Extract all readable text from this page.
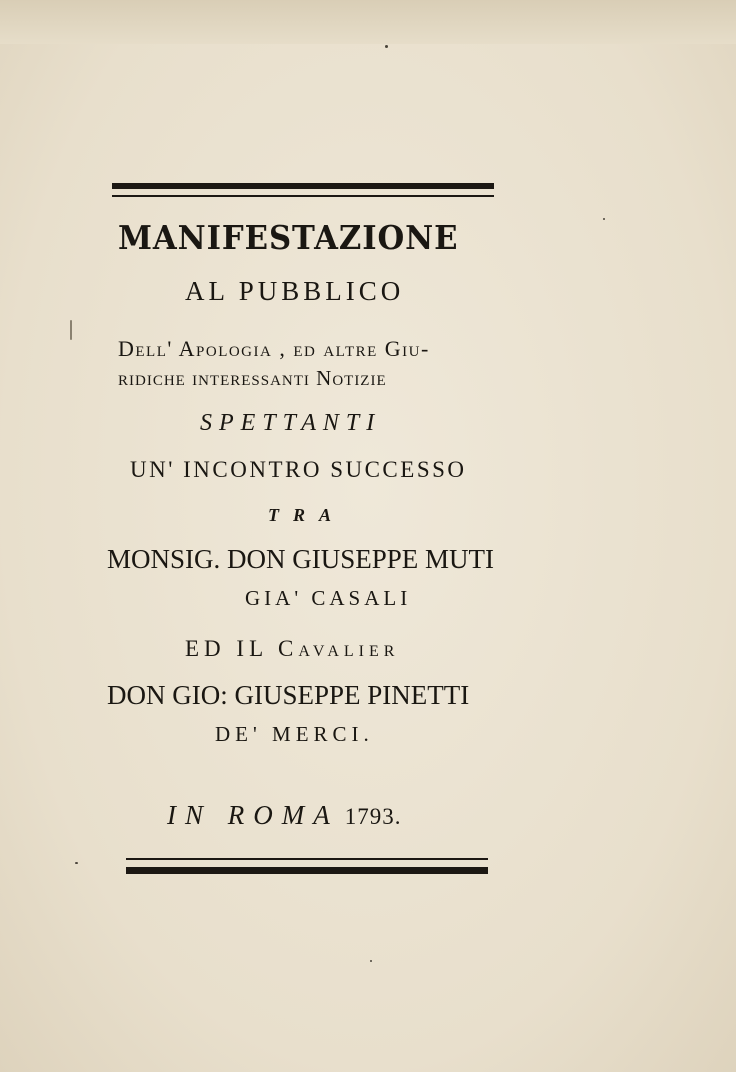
MANIFESTAZIONE
AL PUBBLICO
Dell' Apologia , ed altre Giu-
ridiche interessanti Notizie
SPETTANTI
UN' INCONTRO SUCCESSO
TRA
MONSIG. DON GIUSEPPE MUTI
GIA' CASALI
ED IL Cavalier
DON GIO: GIUSEPPE PINETTI
DE' MERCI.
IN ROMA 1793.
